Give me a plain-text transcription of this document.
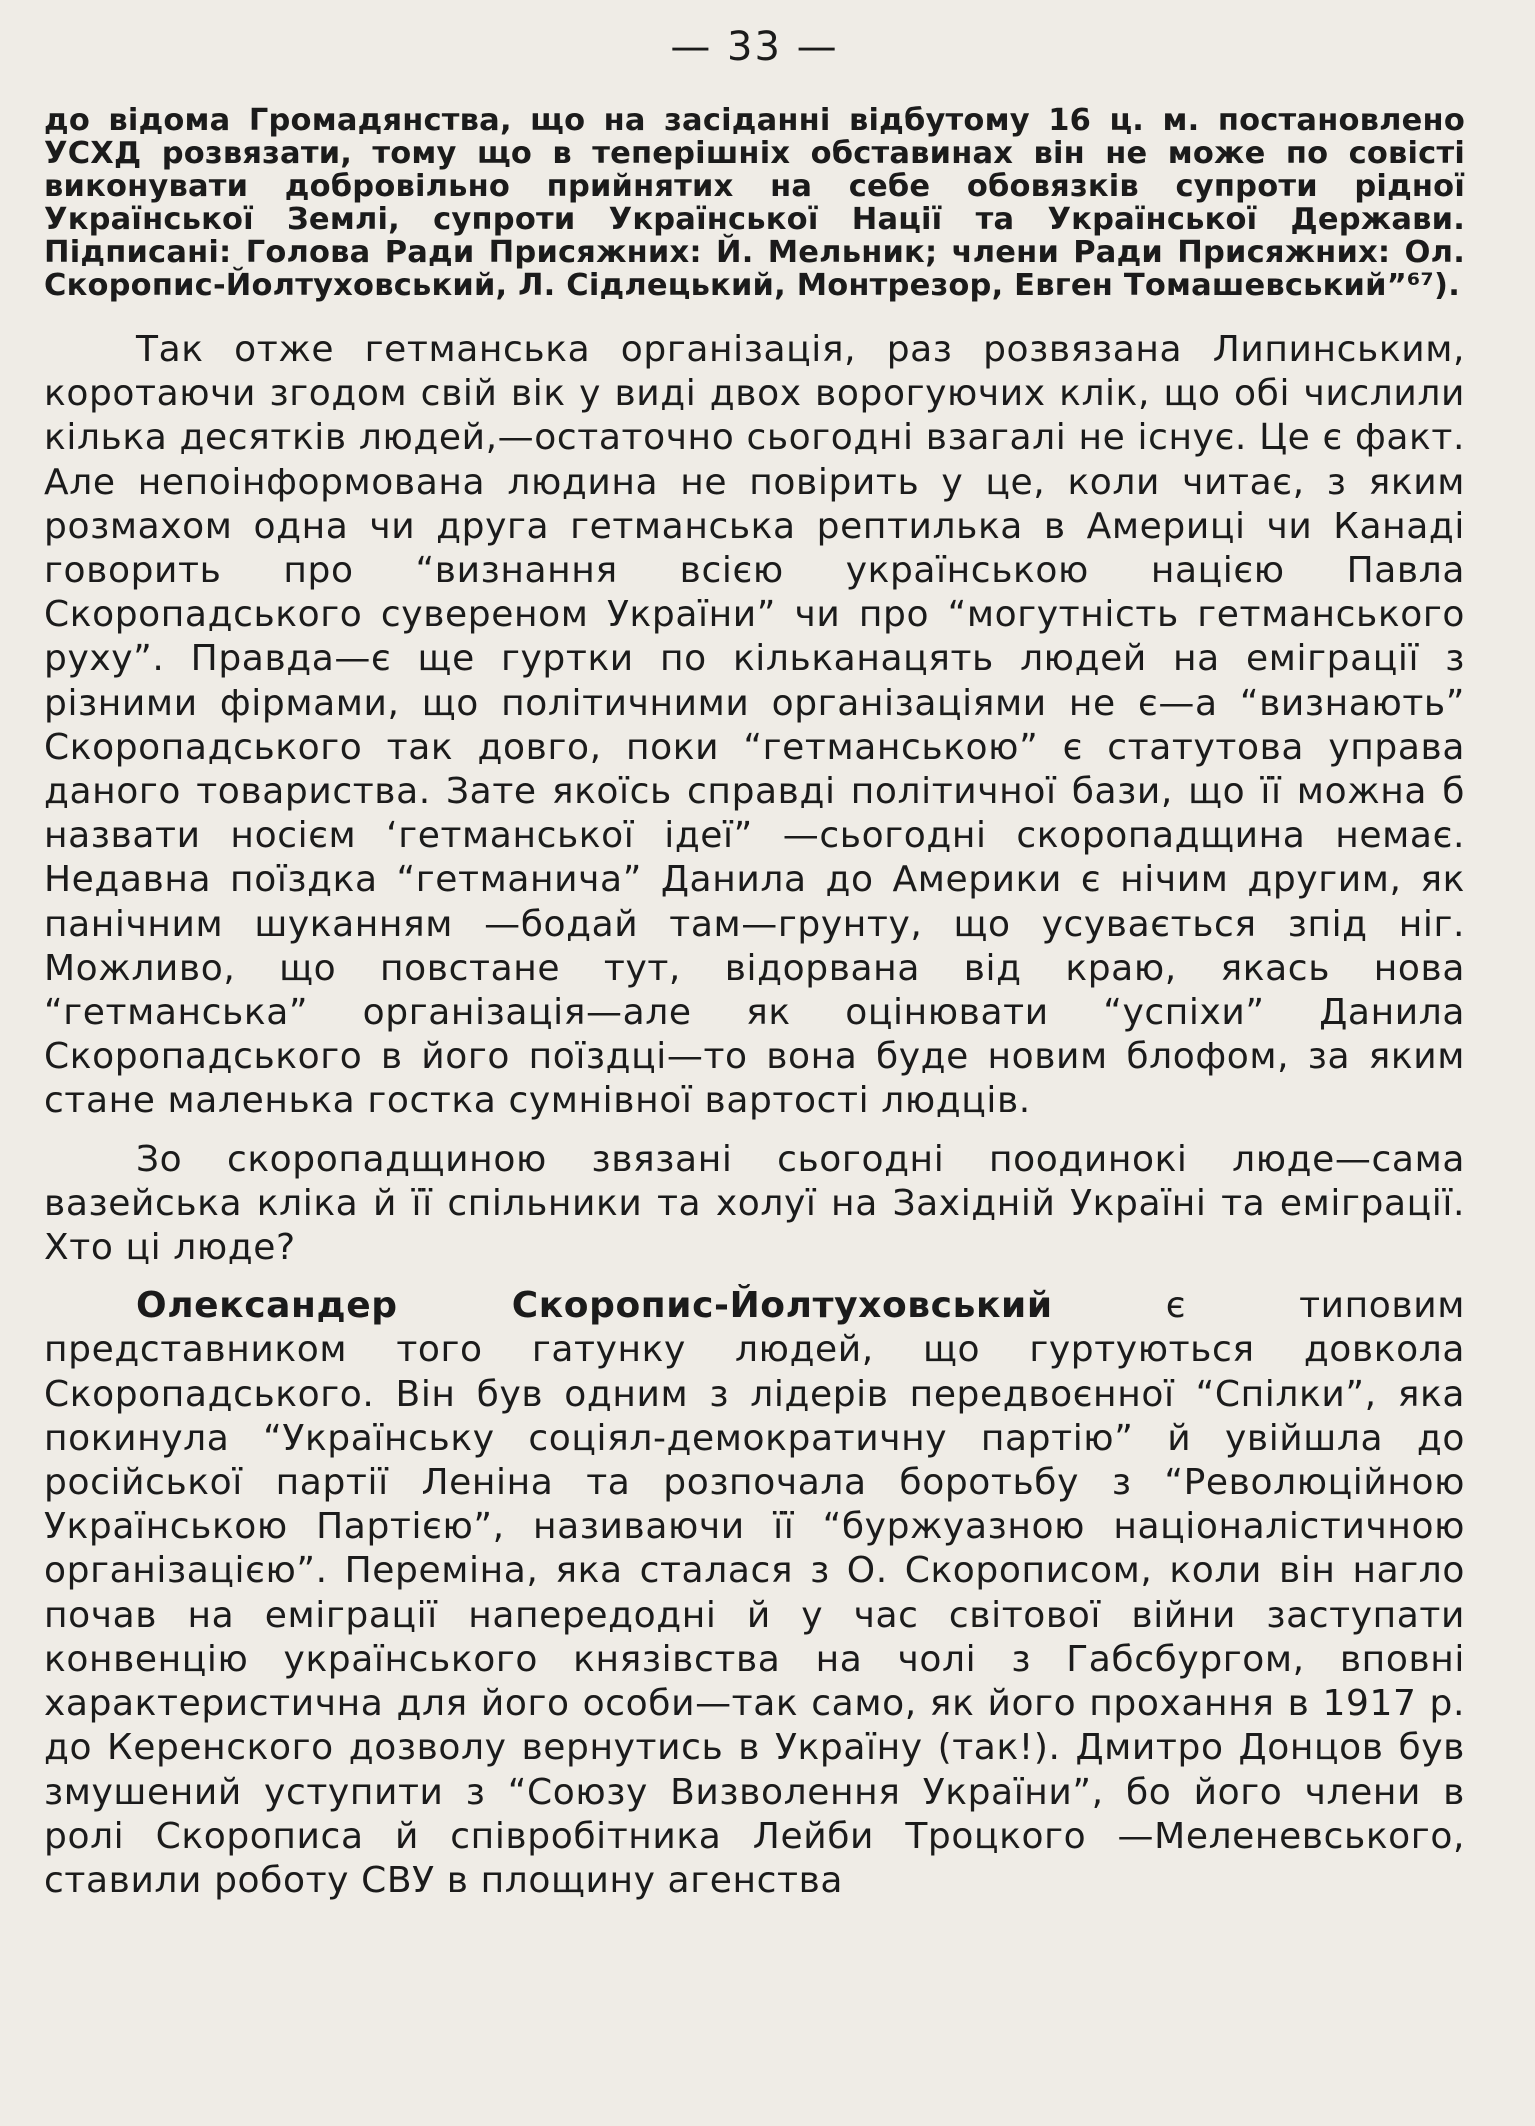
— 33 —

до відома Громадянства, що на засіданні відбутому 16 ц. м. постановлено УСХД розвязати, тому що в теперішніх обставинах він не може по совісті виконувати добровільно прийнятих на себе обовязків супроти рідної Української Землі, супроти Української Нації та Української Держави. Підписані: Голова Ради Присяжних: Й. Мельник; члени Ради Присяжних: Ол. Скоропис-Йолтуховський, Л. Сідлецький, Монтрезор, Евген Томашевський”⁶⁷).

Так отже гетманська організація, раз розвязана Липинським, коротаючи згодом свій вік у виді двох ворогуючих клік, що обі числили кілька десятків людей,—остаточно сьогодні взагалі не існує. Це є факт. Але непоінформована людина не повірить у це, коли читає, з яким розмахом одна чи друга гетманська рептилька в Америці чи Канаді говорить про “визнання всією українською нацією Павла Скоропадського сувереном України” чи про “могутність гетманського руху”. Правда—є ще гуртки по кільканацять людей на еміграції з різними фірмами, що політичними організаціями не є—а “визнають” Скоропадського так довго, поки “гетманською” є статутова управа даного товариства. Зате якоїсь справді політичної бази, що її можна б назвати носієм ‘гетманської ідеї” —сьогодні скоропадщина немає. Недавна поїздка “гетманича” Данила до Америки є нічим другим, як панічним шуканням —бодай там—грунту, що усувається зпід ніг. Можливо, що повстане тут, відорвана від краю, якась нова “гетманська” організація—але як оцінювати “успіхи” Данила Скоропадського в його поїздці—то вона буде новим блофом, за яким стане маленька гостка сумнівної вартості людців.

Зо скоропадщиною звязані сьогодні поодинокі люде—сама вазейська кліка й її спільники та холуї на Західній Україні та еміграції. Хто ці люде?

Олександер Скоропис-Йолтуховський є типовим представником того гатунку людей, що гуртуються довкола Скоропадського. Він був одним з лідерів передвоєнної “Спілки”, яка покинула “Українську соціял-демократичну партію” й увійшла до російської партії Леніна та розпочала боротьбу з “Революційною Українською Партією”, називаючи її “буржуазною націоналістичною організацією”. Переміна, яка сталася з О. Скорописом, коли він нагло почав на еміграції напередодні й у час світової війни заступати конвенцію українського князівства на чолі з Габсбургом, вповні характеристична для його особи—так само, як його прохання в 1917 р. до Керенского дозволу вернутись в Україну (так!). Дмитро Донцов був змушений уступити з “Союзу Визволення України”, бо його члени в ролі Скорописа й співробітника Лейби Троцкого —Меленевського, ставили роботу СВУ в площину агенства
